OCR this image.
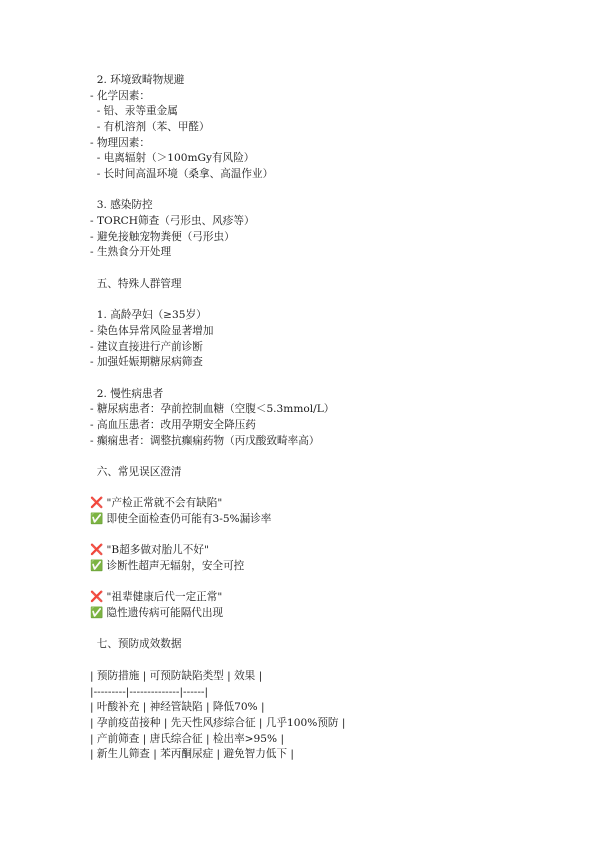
2. 环境致畸物规避
- 化学因素：
- 铅、汞等重金属
- 有机溶剂（苯、甲醛）
- 物理因素：
- 电离辐射（＞100mGy有风险）
- 长时间高温环境（桑拿、高温作业）
3. 感染防控
- TORCH筛查（弓形虫、风疹等）
- 避免接触宠物粪便（弓形虫）
- 生熟食分开处理
五、特殊人群管理
1. 高龄孕妇（≥35岁）
- 染色体异常风险显著增加
- 建议直接进行产前诊断
- 加强妊娠期糖尿病筛查
2. 慢性病患者
- 糖尿病患者：孕前控制血糖（空腹＜5.3mmol/L）
- 高血压患者：改用孕期安全降压药
- 癫痫患者：调整抗癫痫药物（丙戊酸致畸率高）
六、常见误区澄清
❌ "产检正常就不会有缺陷"
✅ 即使全面检查仍可能有3-5%漏诊率
❌ "B超多做对胎儿不好"
✅ 诊断性超声无辐射，安全可控
❌ "祖辈健康后代一定正常"
✅ 隐性遗传病可能隔代出现
七、预防成效数据
| 预防措施 | 可预防缺陷类型 | 效果 |
|---------|--------------|------|
| 叶酸补充 | 神经管缺陷 | 降低70% |
| 孕前疫苗接种 | 先天性风疹综合征 | 几乎100%预防 |
| 产前筛查 | 唐氏综合征 | 检出率>95% |
| 新生儿筛查 | 苯丙酮尿症 | 避免智力低下 |
